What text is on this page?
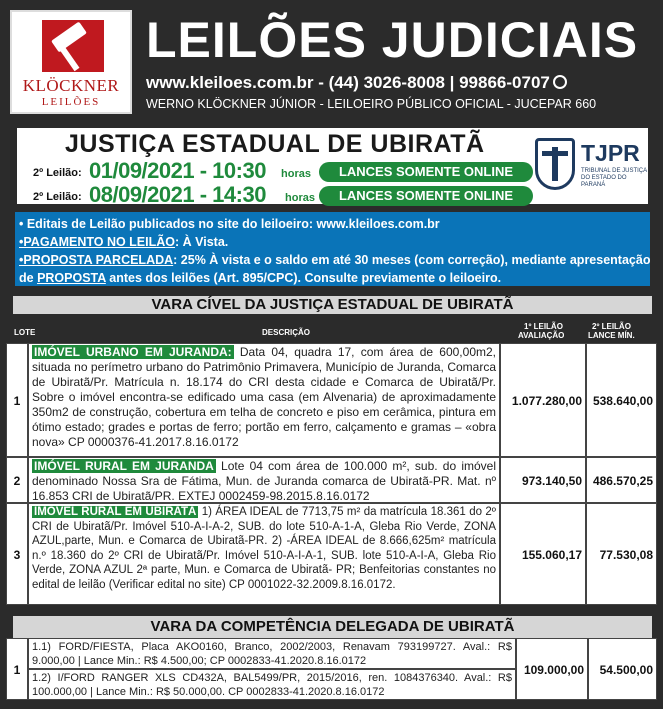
KLÖCKNER
LEILÕES
LEILÕES JUDICIAIS
www.kleiloes.com.br - (44) 3026-8008 | 99866-0707
WERNO KLÖCKNER JÚNIOR - LEILOEIRO PÚBLICO OFICIAL - JUCEPAR 660
JUSTIÇA ESTADUAL DE UBIRATÃ
2º Leilão: 01/09/2021 - 10:30 horas	LANCES SOMENTE ONLINE
2º Leilão: 08/09/2021 - 14:30 horas	LANCES SOMENTE ONLINE
TJPR
TRIBUNAL DE JUSTIÇA DO ESTADO DO PARANÁ
• Editais de Leilão publicados no site do leiloeiro: www.kleiloes.com.br
•PAGAMENTO NO LEILÃO: À Vista.
•PROPOSTA PARCELADA: 25% À vista e o saldo em até 30 meses (com correção), mediante apresentação
de PROPOSTA antes dos leilões (Art. 895/CPC). Consulte previamente o leiloeiro.
VARA CÍVEL DA JUSTIÇA ESTADUAL DE UBIRATÃ
LOTE	DESCRIÇÃO
1º LEILÃO
AVALIAÇÃO
2º LEILÃO
LANCE MÍN.
1
IMÓVEL URBANO EM JURANDA: Data 04, quadra 17, com área de 600,00m2, situada no perímetro urbano do Patrimônio Primavera, Município de Juranda, Comarca de Ubiratã/Pr. Matrícula n. 18.174 do CRI desta cidade e Comarca de Ubiratã/Pr. Sobre o imóvel encontra-se edificado uma casa (em Alvenaria) de aproximadamente 350m2 de construção, cobertura em telha de concreto e piso em cerâmica, pintura em ótimo estado; grades e portas de ferro; portão em ferro, calçamento e gramas – «obra nova» CP 0000376-41.2017.8.16.0172
1.077.280,00 538.640,00
2
IMÓVEL RURAL EM JURANDA Lote 04 com área de 100.000 m², sub. do imóvel denominado Nossa Sra de Fátima, Mun. de Juranda comarca de Ubiratã-PR. Mat. nº 16.853 CRI de Ubiratã/PR. EXTEJ 0002459-98.2015.8.16.0172
973.140,50 486.570,25
3
IMÓVEL RURAL EM UBIRATÃ 1) ÁREA IDEAL de 7713,75 m² da matrícula 18.361 do 2º CRI de Ubiratã/Pr. Imóvel 510-A-I-A-2, SUB. do lote 510-A-1-A, Gleba Rio Verde, ZONA AZUL,parte, Mun. e Comarca de Ubiratã-PR. 2) -ÁREA IDEAL de 8.666,625m² matrícula n.º 18.360 do 2º CRI de Ubiratã/Pr. Imóvel 510-A-I-A-1, SUB. lote 510-A-I-A, Gleba Rio Verde, ZONA AZUL 2ª parte, Mun. e Comarca de Ubiratã- PR; Benfeitorias constantes no edital de leilão (Verificar edital no site) CP 0001022-32.2009.8.16.0172.
155.060,17	77.530,08
VARA DA COMPETÊNCIA DELEGADA DE UBIRATÃ
1
1.1) FORD/FIESTA, Placa AKO0160, Branco, 2002/2003, Renavam 793199727. Aval.: R$ 9.000,00 | Lance Min.: R$ 4.500,00; CP 0002833-41.2020.8.16.0172
1.2) I/FORD RANGER XLS CD432A, BAL5499/PR, 2015/2016, ren. 1084376340. Aval.: R$ 100.000,00 | Lance Min.: R$ 50.000,00. CP 0002833-41.2020.8.16.0172
109.000,00	54.500,00
